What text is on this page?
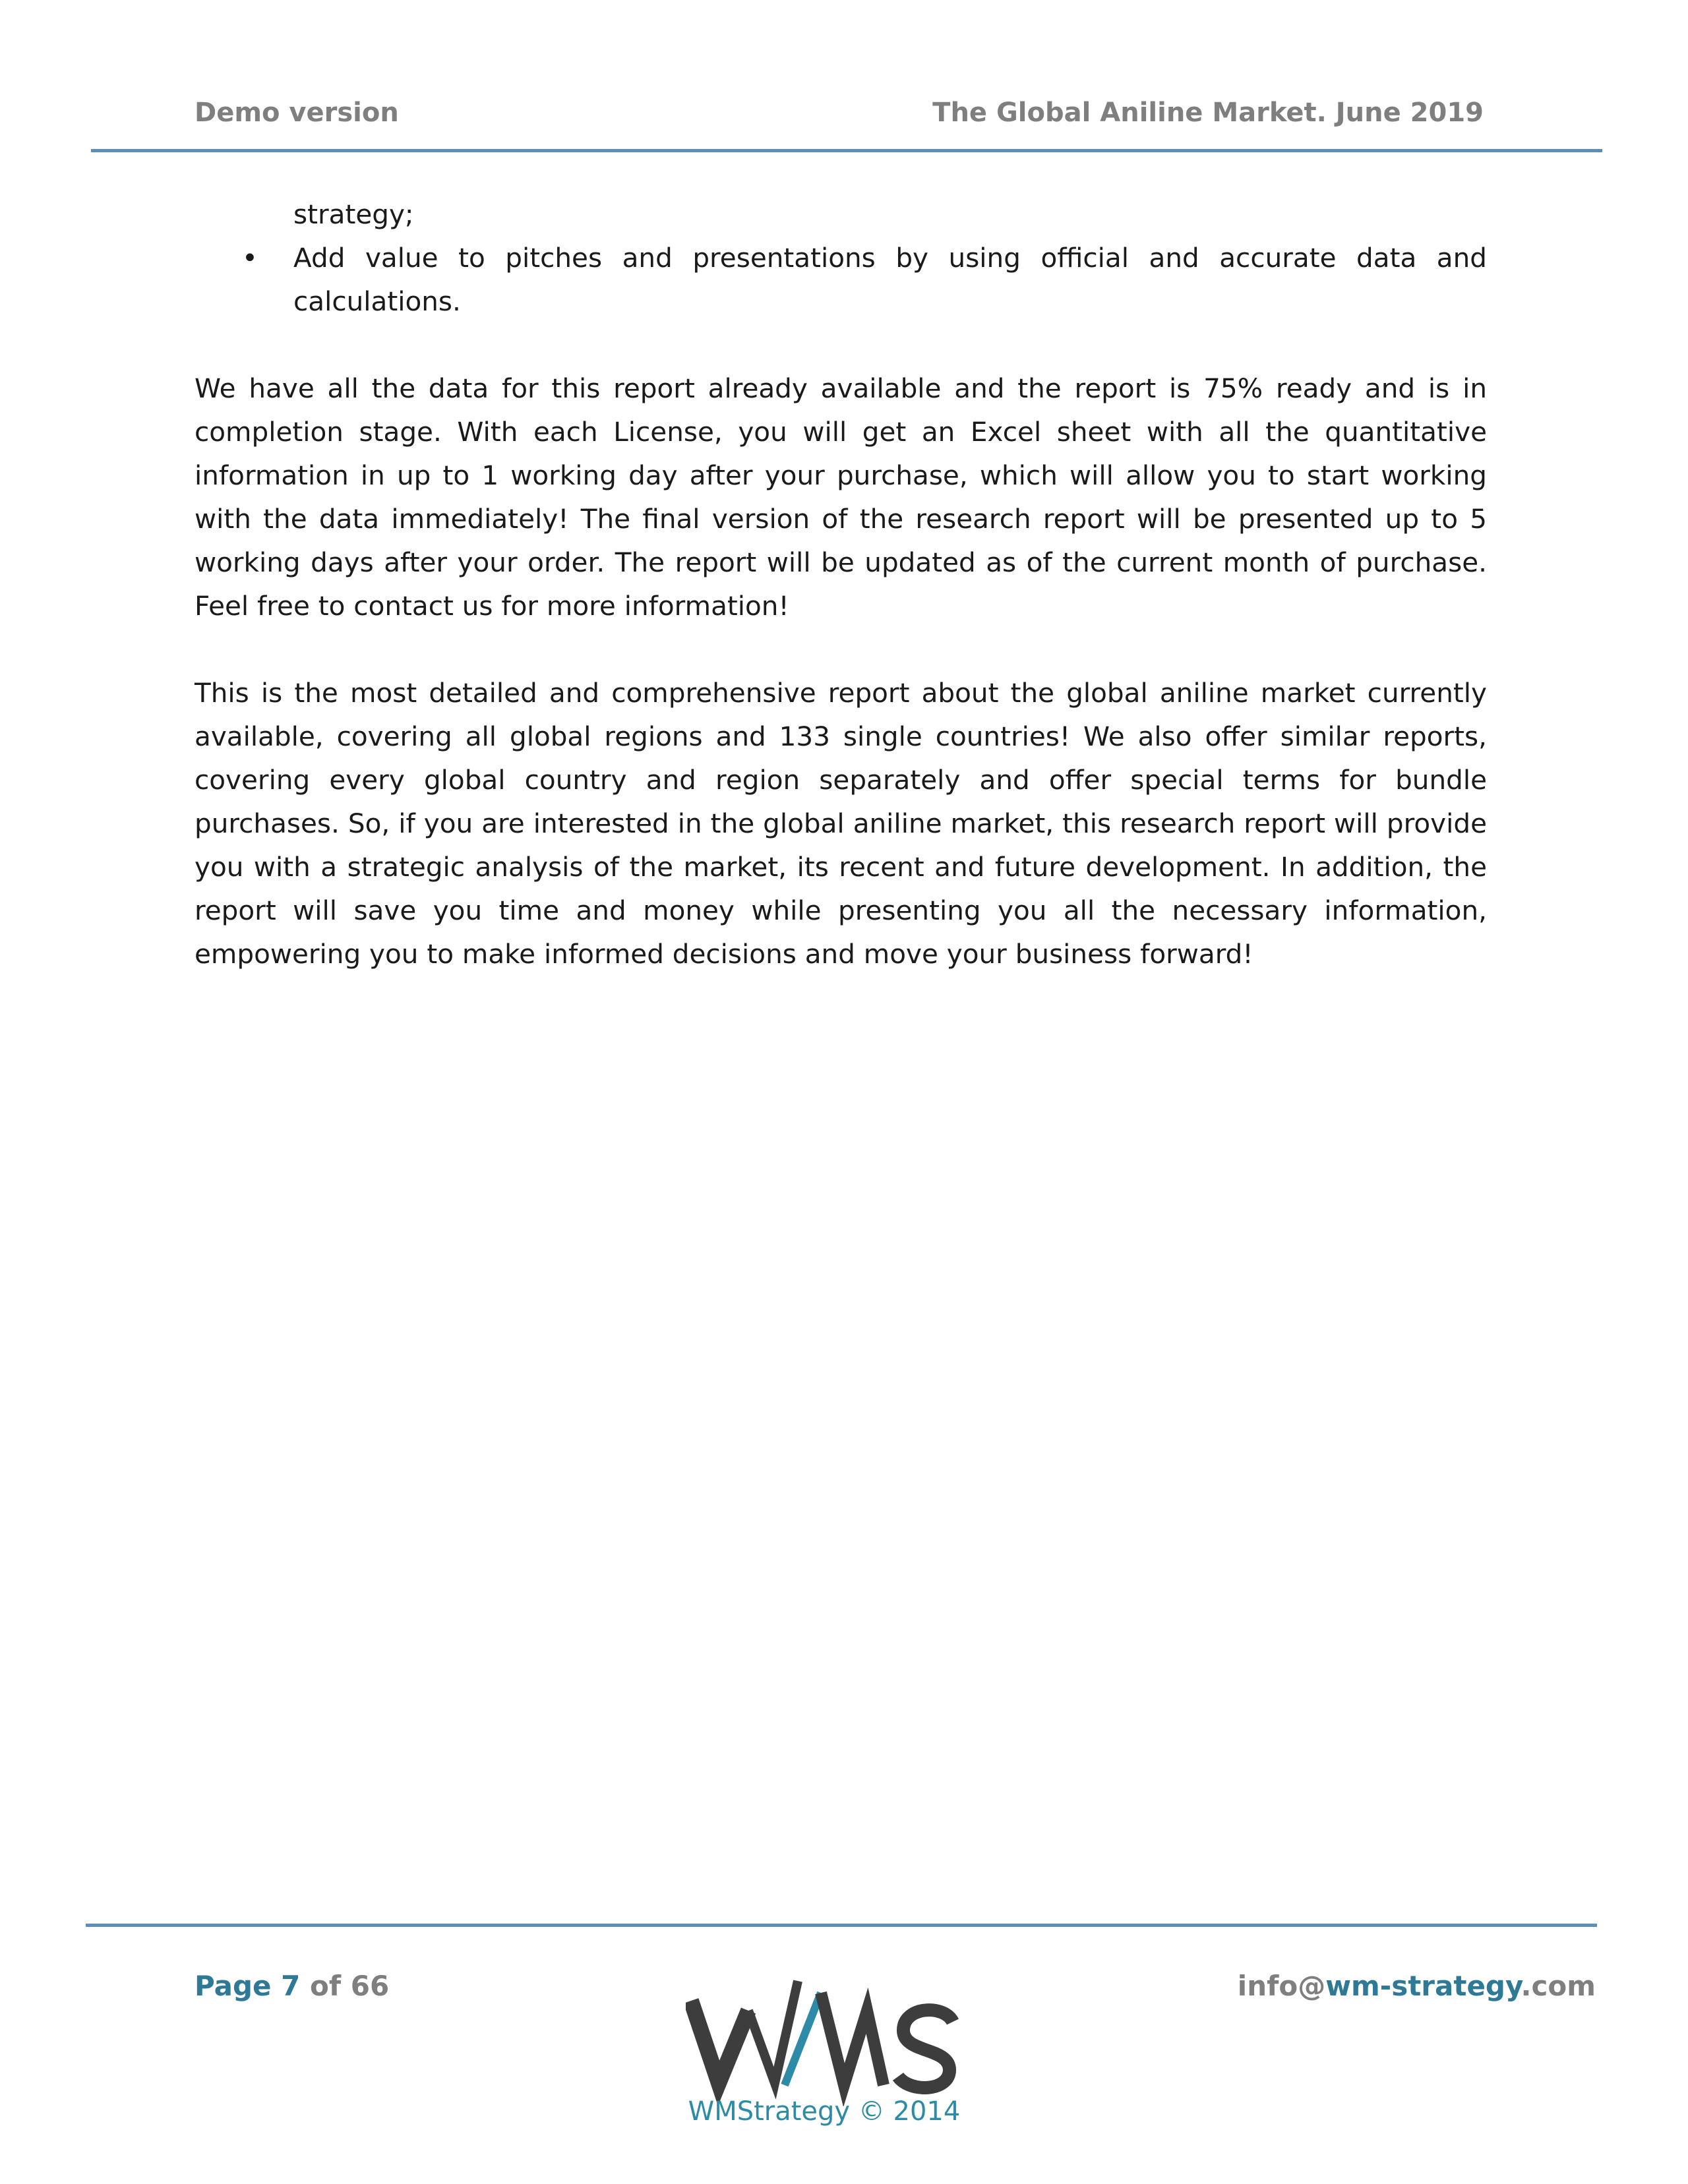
Demo version	The Global Aniline Market. June 2019

strategy;

• Add value to pitches and presentations by using official and accurate data and calculations.

We have all the data for this report already available and the report is 75% ready and is in completion stage. With each License, you will get an Excel sheet with all the quantitative information in up to 1 working day after your purchase, which will allow you to start working with the data immediately! The final version of the research report will be presented up to 5 working days after your order. The report will be updated as of the current month of purchase. Feel free to contact us for more information!

This is the most detailed and comprehensive report about the global aniline market currently available, covering all global regions and 133 single countries! We also offer similar reports, covering every global country and region separately and offer special terms for bundle purchases. So, if you are interested in the global aniline market, this research report will provide you with a strategic analysis of the market, its recent and future development. In addition, the report will save you time and money while presenting you all the necessary information, empowering you to make informed decisions and move your business forward!

Page 7 of 66	info@wm-strategy.com
WMStrategy © 2014
